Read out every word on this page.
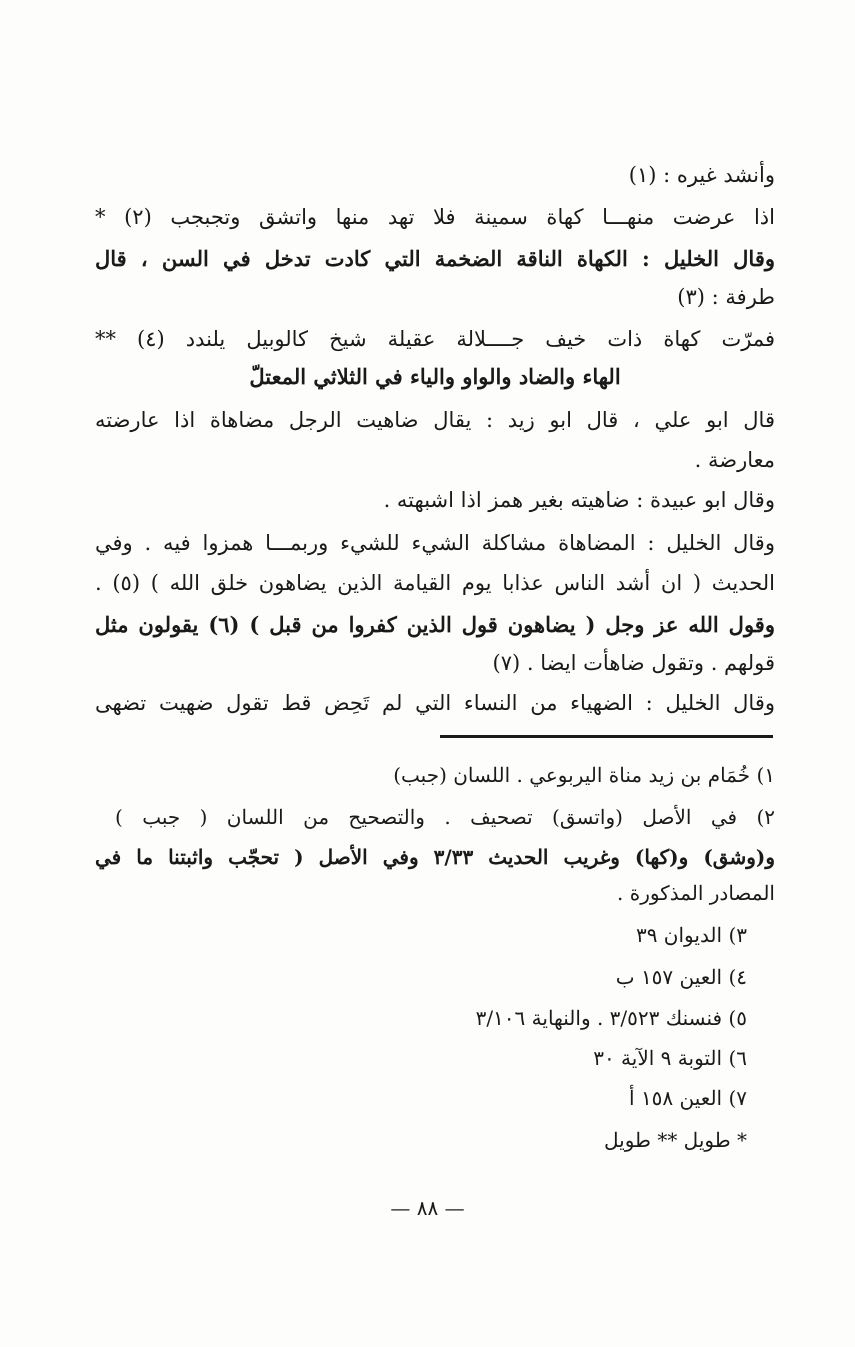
وأنشد غيره : (١)
اذا عرضت منهـــا كهاة سمينة فلا تهد منها واتشق وتجبجب (٢) *
وقال الخليل : الكهاة الناقة الضخمة التي كادت تدخل في السن ، قال
طرفة : (٣)
فمرّت كهاة ذات خيف جــــلالة عقيلة شيخ كالوبيل يلندد (٤) **
الهاء والضاد والواو والياء في الثلاثي المعتلّ
قال ابو علي ، قال ابو زيد : يقال ضاهيت الرجل مضاهاة اذا عارضته
معارضة .
وقال ابو عبيدة : ضاهيته بغير همز اذا اشبهته .
وقال الخليل : المضاهاة مشاكلة الشيء للشيء وربمـــا همزوا فيه . وفي
الحديث ( ان أشد الناس عذابا يوم القيامة الذين يضاهون خلق الله ) (٥) .
وقول الله عز وجل ( يضاهون قول الذين كفروا من قبل ) (٦) يقولون مثل
قولهم . وتقول ضاهأت ايضا . (٧)
وقال الخليل : الضهياء من النساء التي لم تَحِض قط تقول ضهيت تضهى
١) خُمَام بن زيد مناة اليربوعي . اللسان (جبب)
٢) في الأصل (واتسق) تصحيف . والتصحيح من اللسان ( جبب )
و(وشق) و(كها) وغريب الحديث ٣/٣٣ وفي الأصل ( تحجّب واثبتنا ما في
المصادر المذكورة .
٣) الديوان ٣٩
٤) العين ١٥٧ ب
٥) فنسنك ٣/٥٢٣ . والنهاية ٣/١٠٦
٦) التوبة ٩ الآية ٣٠
٧) العين ١٥٨ أ
* طويل ** طويل
— ٨٨ —
